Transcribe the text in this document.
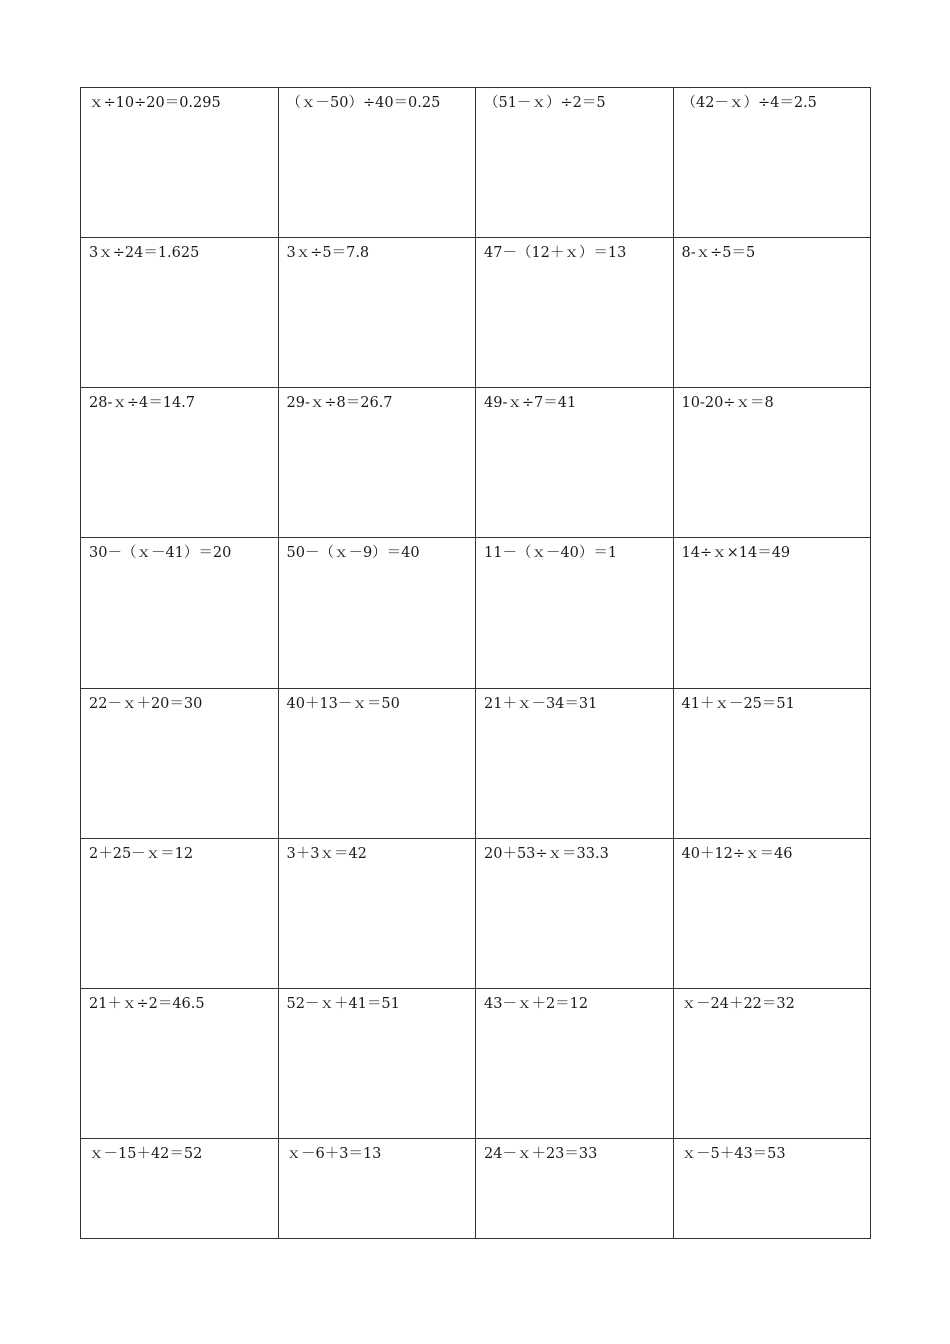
ｘ÷10÷20＝0.295	（ｘ－50）÷40＝0.25	（51－ｘ）÷2＝5	（42－ｘ）÷4＝2.5
3ｘ÷24＝1.625	3ｘ÷5＝7.8	47－（12＋ｘ）＝13	8-ｘ÷5＝5
28-ｘ÷4＝14.7	29-ｘ÷8＝26.7	49-ｘ÷7＝41	10-20÷ｘ＝8
30－（ｘ－41）＝20	50－（ｘ－9）＝40	11－（ｘ－40）＝1	14÷ｘ×14＝49
22－ｘ＋20＝30	40＋13－ｘ＝50	21＋ｘ－34＝31	41＋ｘ－25＝51
2＋25－ｘ＝12	3＋3ｘ＝42	20＋53÷ｘ＝33.3	40＋12÷ｘ＝46
21＋ｘ÷2＝46.5	52－ｘ＋41＝51	43－ｘ＋2＝12	ｘ－24＋22＝32
ｘ－15＋42＝52	ｘ－6＋3＝13	24－ｘ＋23＝33	ｘ－5＋43＝53
